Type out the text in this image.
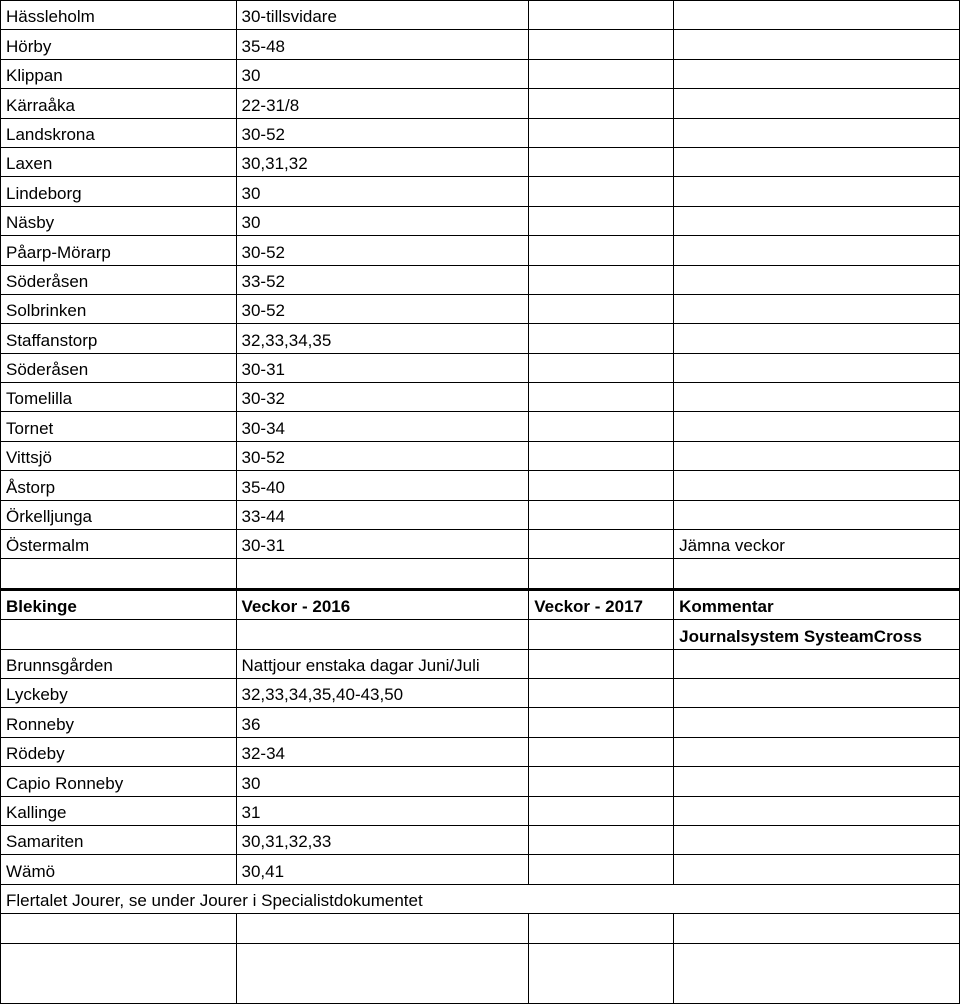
Hässleholm	30-tillsvidare		
Hörby	35-48		
Klippan	30		
Kärraåka	22-31/8		
Landskrona	30-52		
Laxen	30,31,32		
Lindeborg	30		
Näsby	30		
Påarp-Mörarp	30-52		
Söderåsen	33-52		
Solbrinken	30-52		
Staffanstorp	32,33,34,35		
Söderåsen	30-31		
Tomelilla	30-32		
Tornet	30-34		
Vittsjö	30-52		
Åstorp	35-40		
Örkelljunga	33-44		
Östermalm	30-31		Jämna veckor

Blekinge	Veckor - 2016	Veckor - 2017	Kommentar
			Journalsystem SysteamCross
Brunnsgården	Nattjour enstaka dagar Juni/Juli		
Lyckeby	32,33,34,35,40-43,50		
Ronneby	36		
Rödeby	32-34		
Capio Ronneby	30		
Kallinge	31		
Samariten	30,31,32,33		
Wämö	30,41		
Flertalet Jourer, se under Jourer i Specialistdokumentet			
